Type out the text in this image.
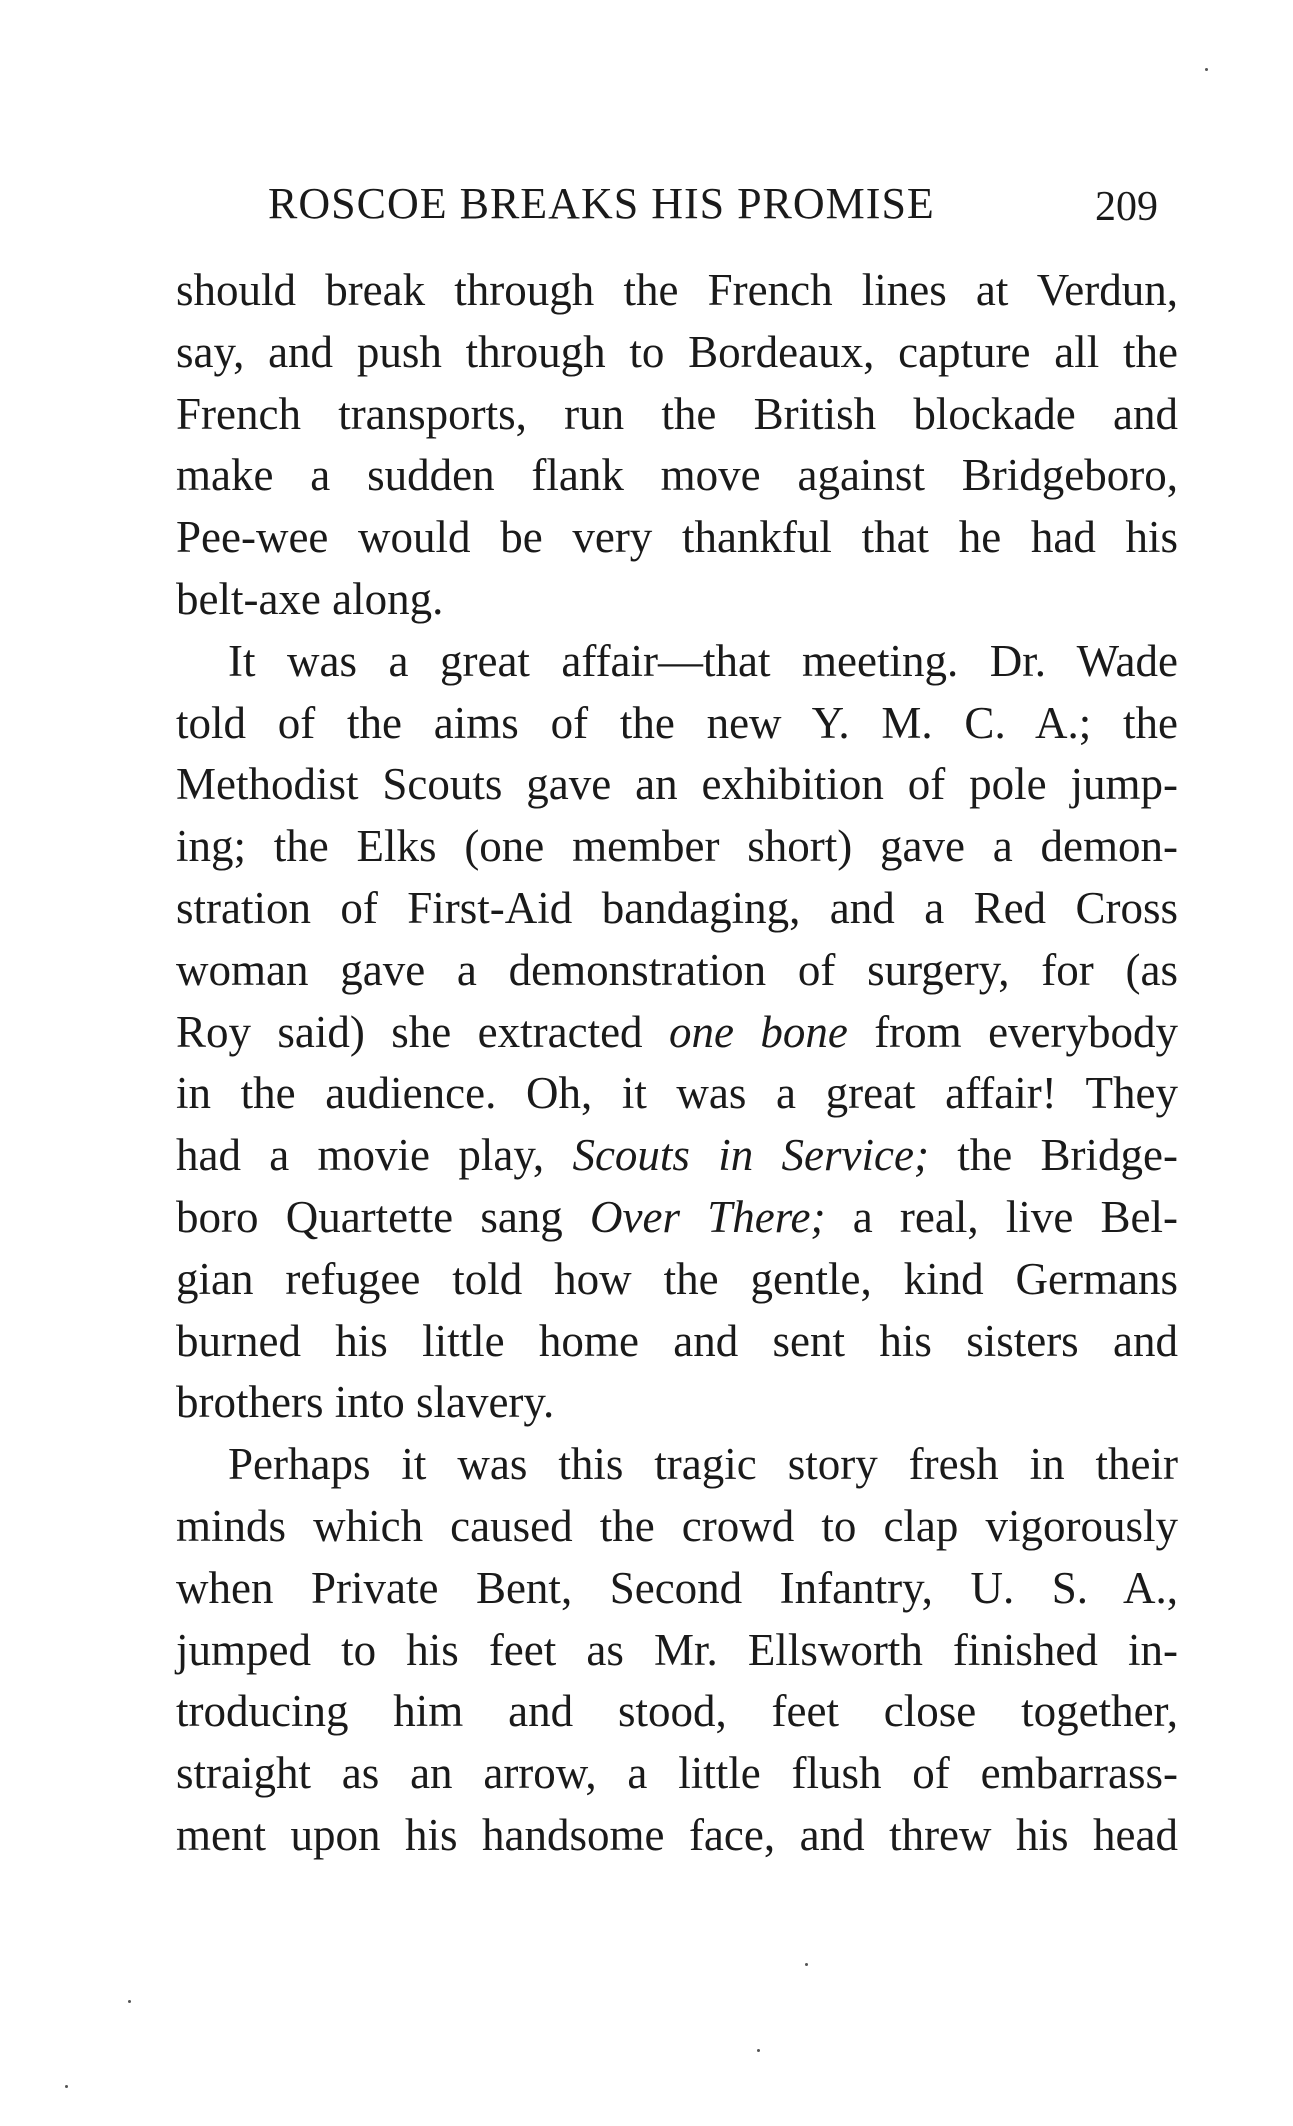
ROSCOE BREAKS HIS PROMISE	209
should break through the French lines at Verdun,
say, and push through to Bordeaux, capture all the
French transports, run the British blockade and
make a sudden flank move against Bridgeboro,
Pee-wee would be very thankful that he had his
belt-axe along.
It was a great affair—that meeting. Dr. Wade
told of the aims of the new Y. M. C. A.; the
Methodist Scouts gave an exhibition of pole jump-
ing; the Elks (one member short) gave a demon-
stration of First-Aid bandaging, and a Red Cross
woman gave a demonstration of surgery, for (as
Roy said) she extracted one bone from everybody
in the audience. Oh, it was a great affair! They
had a movie play, Scouts in Service; the Bridge-
boro Quartette sang Over There; a real, live Bel-
gian refugee told how the gentle, kind Germans
burned his little home and sent his sisters and
brothers into slavery.
Perhaps it was this tragic story fresh in their
minds which caused the crowd to clap vigorously
when Private Bent, Second Infantry, U. S. A.,
jumped to his feet as Mr. Ellsworth finished in-
troducing him and stood, feet close together,
straight as an arrow, a little flush of embarrass-
ment upon his handsome face, and threw his head
